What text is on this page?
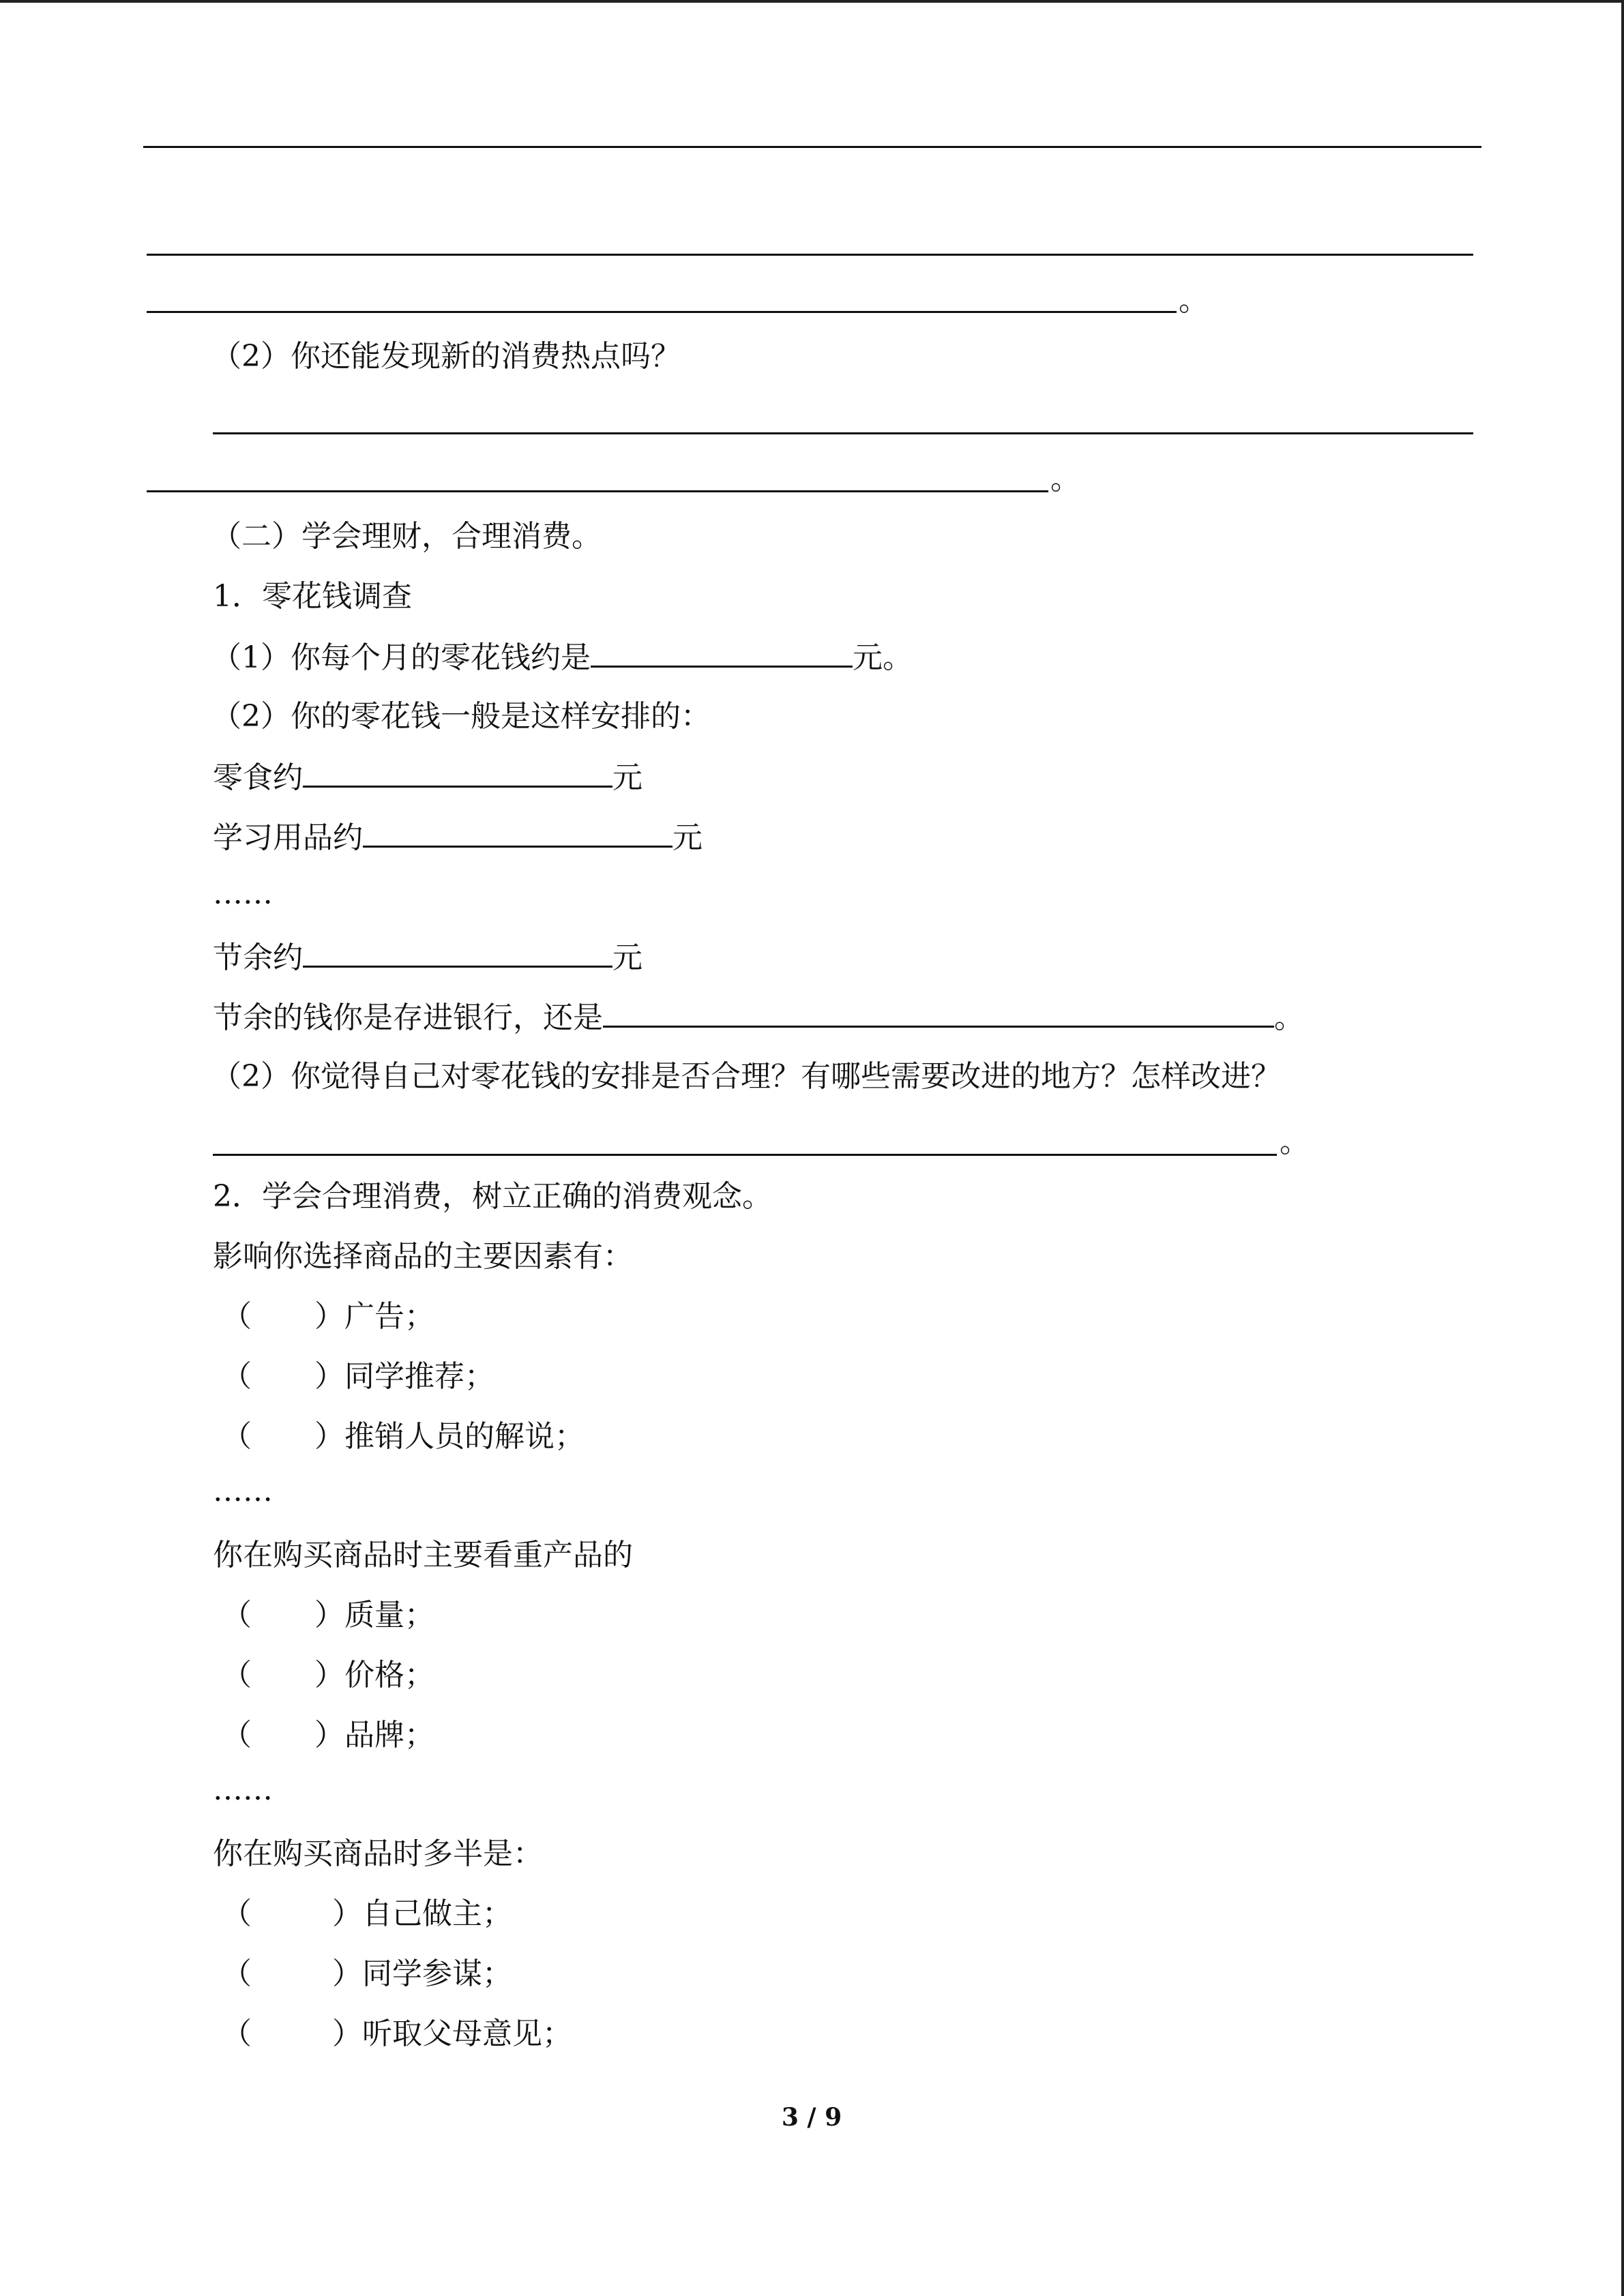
。
（2）你还能发现新的消费热点吗？
。
（二）学会理财，合理消费。
1．零花钱调查
（1）你每个月的零花钱约是	元。
（2）你的零花钱一般是这样安排的：
零食约	元
学习用品约	元
……
节余约	元
节余的钱你是存进银行，还是	。
（2）你觉得自己对零花钱的安排是否合理？有哪些需要改进的地方？怎样改进？
。
2．学会合理消费，树立正确的消费观念。
影响你选择商品的主要因素有：
（ ）广告；
（ ）同学推荐；
（ ）推销人员的解说；
……
你在购买商品时主要看重产品的
（ ）质量；
（ ）价格；
（ ）品牌；
……
你在购买商品时多半是：
（	）自己做主；
（	）同学参谋；
（	）听取父母意见；
3 / 9
